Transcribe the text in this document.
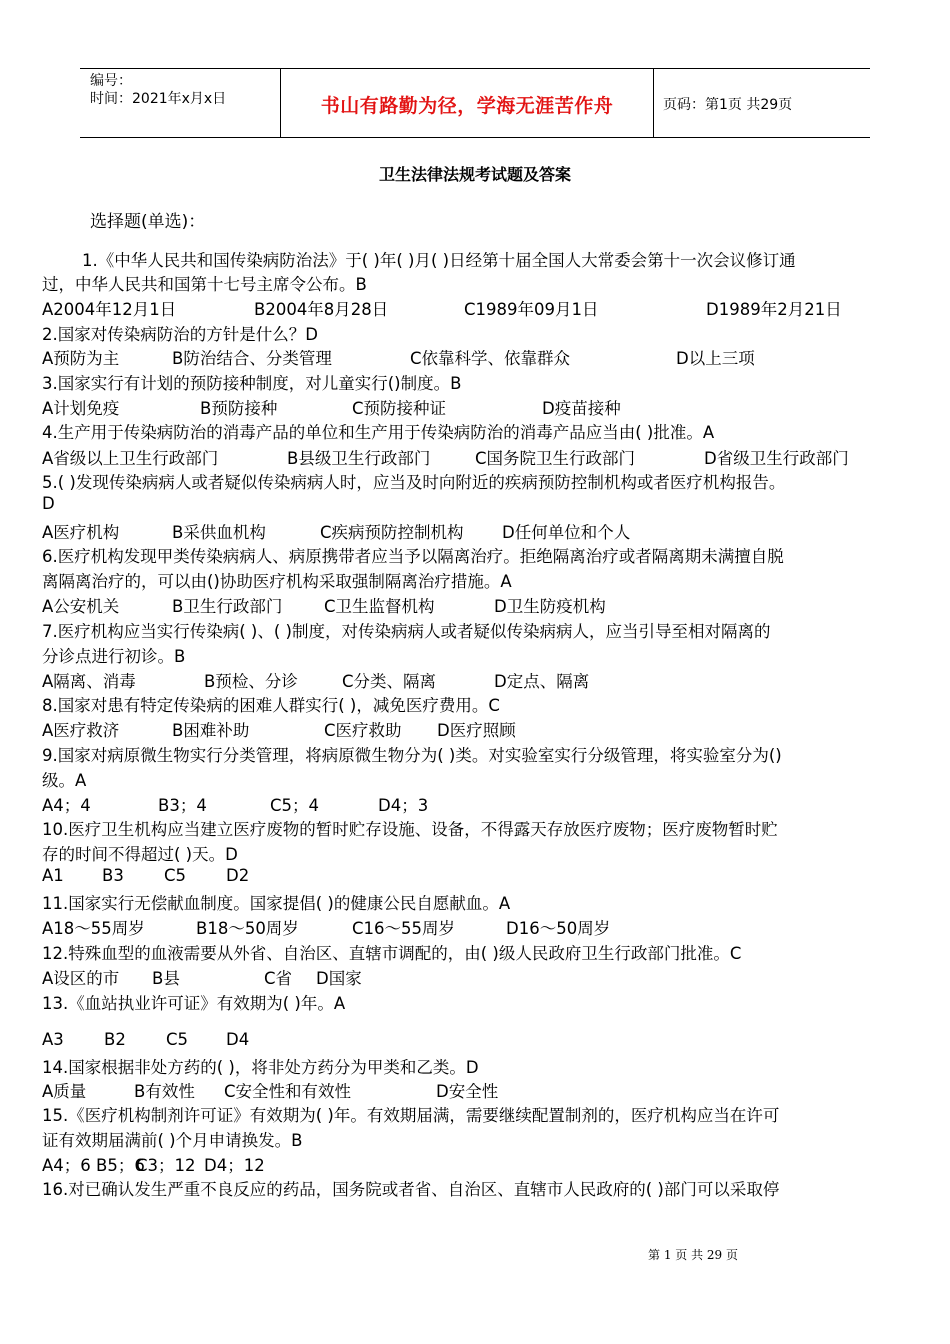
编号：
时间：2021年x月x日	书山有路勤为径，学海无涯苦作舟	页码：第1页 共29页
卫生法律法规考试题及答案
选择题(单选)：
1.《中华人民共和国传染病防治法》于( )年( )月( )日经第十届全国人大常委会第十一次会议修订通
过，中华人民共和国第十七号主席令公布。B
A2004年12月1日	B2004年8月28日	C1989年09月1日	D1989年2月21日
2.国家对传染病防治的方针是什么？D
A预防为主	B防治结合、分类管理	C依靠科学、依靠群众	D以上三项
3.国家实行有计划的预防接种制度，对儿童实行()制度。B
A计划免疫	B预防接种	C预防接种证	D疫苗接种
4.生产用于传染病防治的消毒产品的单位和生产用于传染病防治的消毒产品应当由( )批准。A
A省级以上卫生行政部门	B县级卫生行政部门	C国务院卫生行政部门	D省级卫生行政部门
5.( )发现传染病病人或者疑似传染病病人时，应当及时向附近的疾病预防控制机构或者医疗机构报告。
D
A医疗机构	B采供血机构	C疾病预防控制机构 D任何单位和个人
6.医疗机构发现甲类传染病病人、病原携带者应当予以隔离治疗。拒绝隔离治疗或者隔离期未满擅自脱
离隔离治疗的，可以由()协助医疗机构采取强制隔离治疗措施。A
A公安机关	B卫生行政部门	C卫生监督机构	D卫生防疫机构
7.医疗机构应当实行传染病( )、( )制度，对传染病病人或者疑似传染病病人，应当引导至相对隔离的
分诊点进行初诊。B
A隔离、消毒	B预检、分诊	C分类、隔离	D定点、隔离
8.国家对患有特定传染病的困难人群实行( )，减免医疗费用。C
A医疗救济	B困难补助	C医疗救助 D医疗照顾
9.国家对病原微生物实行分类管理，将病原微生物分为( )类。对实验室实行分级管理，将实验室分为()
级。A
A4；4	B3；4	C5；4	D4；3
10.医疗卫生机构应当建立医疗废物的暂时贮存设施、设备，不得露天存放医疗废物；医疗废物暂时贮
存的时间不得超过( )天。D
A1 B3 C5 D2
11.国家实行无偿献血制度。国家提倡( )的健康公民自愿献血。A
A18～55周岁	B18～50周岁	C16～55周岁	D16～50周岁
12.特殊血型的血液需要从外省、自治区、直辖市调配的，由( )级人民政府卫生行政部门批准。C
A设区的市 B县	C省 D国家
13.《血站执业许可证》有效期为( )年。A
A3 B2 C5 D4
14.国家根据非处方药的( )，将非处方药分为甲类和乙类。D
A质量	B有效性 C安全性和有效性	D安全性
15.《医疗机构制剂许可证》有效期为( )年。有效期届满，需要继续配置制剂的，医疗机构应当在许可
证有效期届满前( )个月申请换发。B
A4；6 B5；6
C3；12 D4；12
16.对已确认发生严重不良反应的药品，国务院或者省、自治区、直辖市人民政府的( )部门可以采取停
第 1 页 共 29 页
